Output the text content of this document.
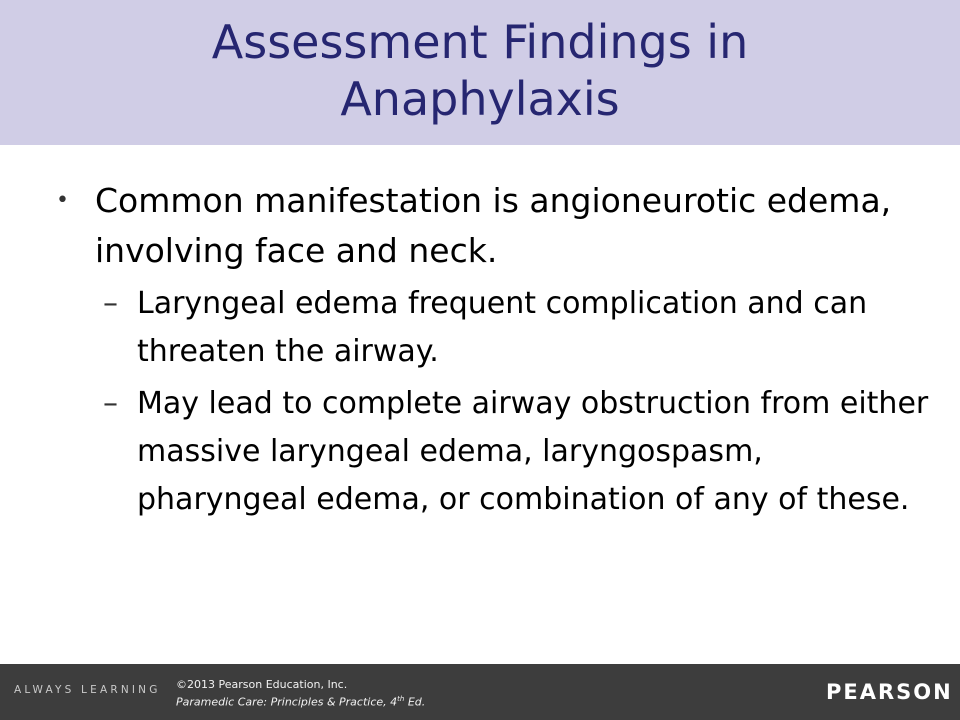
Assessment Findings in Anaphylaxis
• Common manifestation is angioneurotic edema, involving face and neck.
– Laryngeal edema frequent complication and can threaten the airway.
– May lead to complete airway obstruction from either massive laryngeal edema, laryngospasm, pharyngeal edema, or combination of any of these.
ALWAYS LEARNING ©2013 Pearson Education, Inc.
Paramedic Care: Principles & Practice, 4th Ed.	PEARSON
